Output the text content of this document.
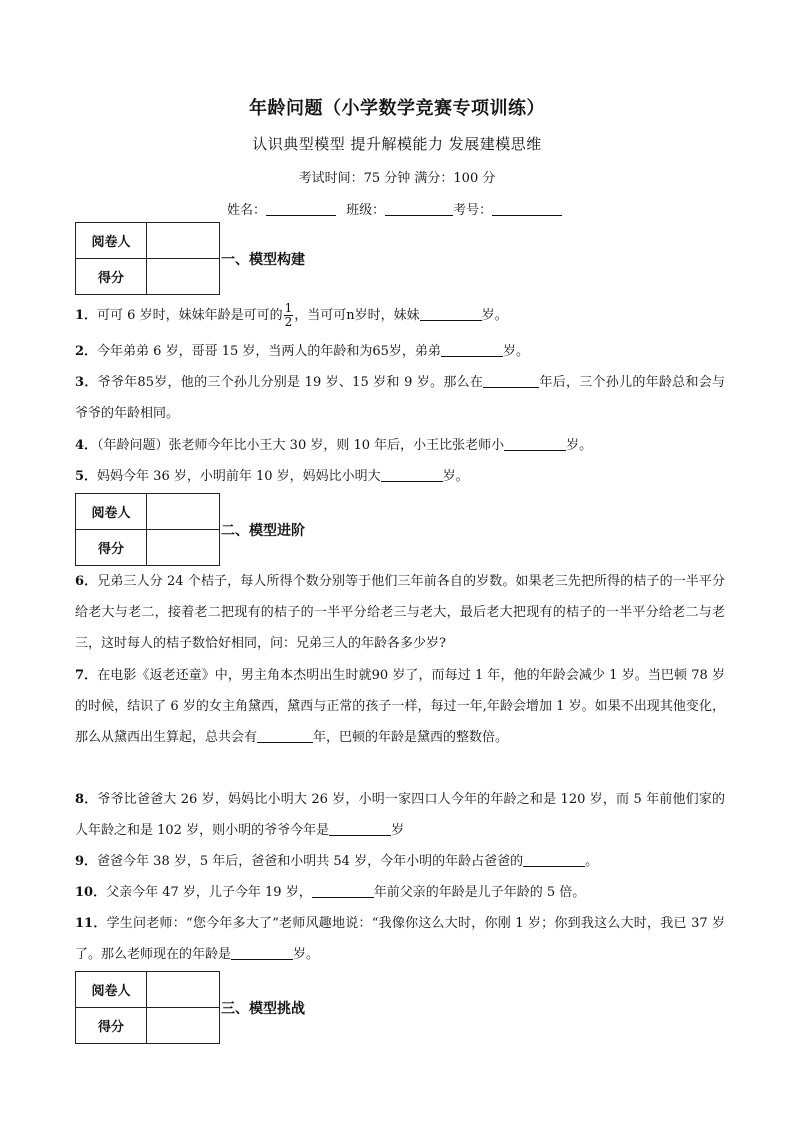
年龄问题（小学数学竞赛专项训练）
认识典型模型 提升解模能力 发展建模思维
考试时间：75 分钟 满分：100 分
姓名：	班级：	考号：
阅卷人	
得分	
一、模型构建
1．可可 6 岁时，妹妹年龄是可可的 $\frac{1}{2}$ ，当可可n岁时，妹妹	岁。
2．今年弟弟 6 岁，哥哥 15 岁，当两人的年龄和为65岁，弟弟	岁。
3．爷爷年85岁，他的三个孙儿分别是 19 岁、15 岁和 9 岁。那么在	年后，三个孙儿的年龄总和会与爷爷的年龄相同。
4．（年龄问题）张老师今年比小王大 30 岁，则 10 年后，小王比张老师小	岁。
5．妈妈今年 36 岁，小明前年 10 岁，妈妈比小明大	岁。
阅卷人	
得分	
二、模型进阶
6．兄弟三人分 24 个桔子，每人所得个数分别等于他们三年前各自的岁数。如果老三先把所得的桔子的一半平分给老大与老二，接着老二把现有的桔子的一半平分给老三与老大，最后老大把现有的桔子的一半平分给老二与老三，这时每人的桔子数恰好相同，问：兄弟三人的年龄各多少岁?
7．在电影《返老还童》中，男主角本杰明出生时就90 岁了，而每过 1 年，他的年龄会减少 1 岁。当巴顿 78 岁的时候，结识了 6 岁的女主角黛西，黛西与正常的孩子一样，每过一年,年龄会增加 1 岁。如果不出现其他变化，那么从黛西出生算起，总共会有	年，巴顿的年龄是黛西的整数倍。
8．爷爷比爸爸大 26 岁，妈妈比小明大 26 岁，小明一家四口人今年的年龄之和是 120 岁，而 5 年前他们家的人年龄之和是 102 岁，则小明的爷爷今年是	岁
9．爸爸今年 38 岁，5 年后，爸爸和小明共 54 岁，今年小明的年龄占爸爸的	。
10．父亲今年 47 岁，儿子今年 19 岁，	年前父亲的年龄是儿子年龄的 5 倍。
11．学生问老师：“您今年多大了”老师风趣地说：“我像你这么大时，你刚 1 岁；你到我这么大时，我已 37 岁了。那么老师现在的年龄是	岁。
阅卷人	
得分	
三、模型挑战
